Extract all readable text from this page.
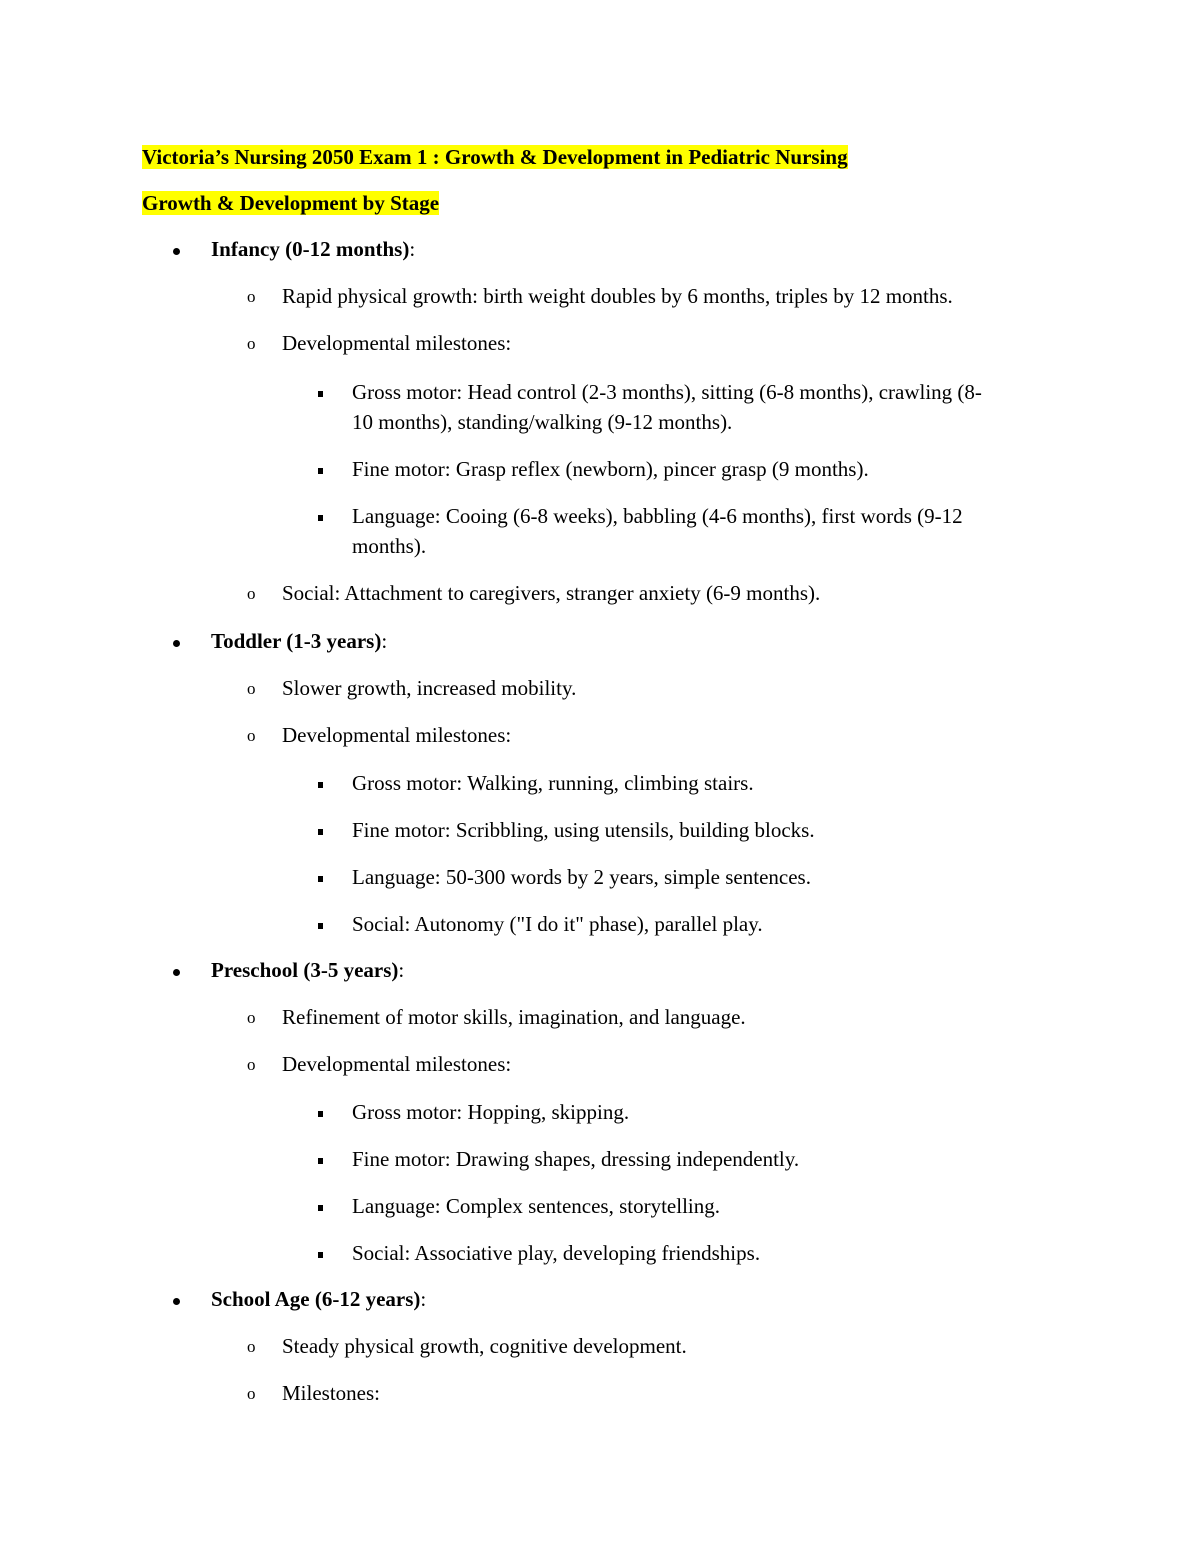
Victoria’s Nursing 2050 Exam 1 : Growth & Development in Pediatric Nursing
Growth & Development by Stage
Infancy (0-12 months):
o	Rapid physical growth: birth weight doubles by 6 months, triples by 12 months.
o	Developmental milestones:
Gross motor: Head control (2-3 months), sitting (6-8 months), crawling (8-
10 months), standing/walking (9-12 months).
Fine motor: Grasp reflex (newborn), pincer grasp (9 months).
Language: Cooing (6-8 weeks), babbling (4-6 months), first words (9-12
months).
o	Social: Attachment to caregivers, stranger anxiety (6-9 months).
Toddler (1-3 years):
o	Slower growth, increased mobility.
o	Developmental milestones:
Gross motor: Walking, running, climbing stairs.
Fine motor: Scribbling, using utensils, building blocks.
Language: 50-300 words by 2 years, simple sentences.
Social: Autonomy ("I do it" phase), parallel play.
Preschool (3-5 years):
o	Refinement of motor skills, imagination, and language.
o	Developmental milestones:
Gross motor: Hopping, skipping.
Fine motor: Drawing shapes, dressing independently.
Language: Complex sentences, storytelling.
Social: Associative play, developing friendships.
School Age (6-12 years):
o	Steady physical growth, cognitive development.
o	Milestones:
